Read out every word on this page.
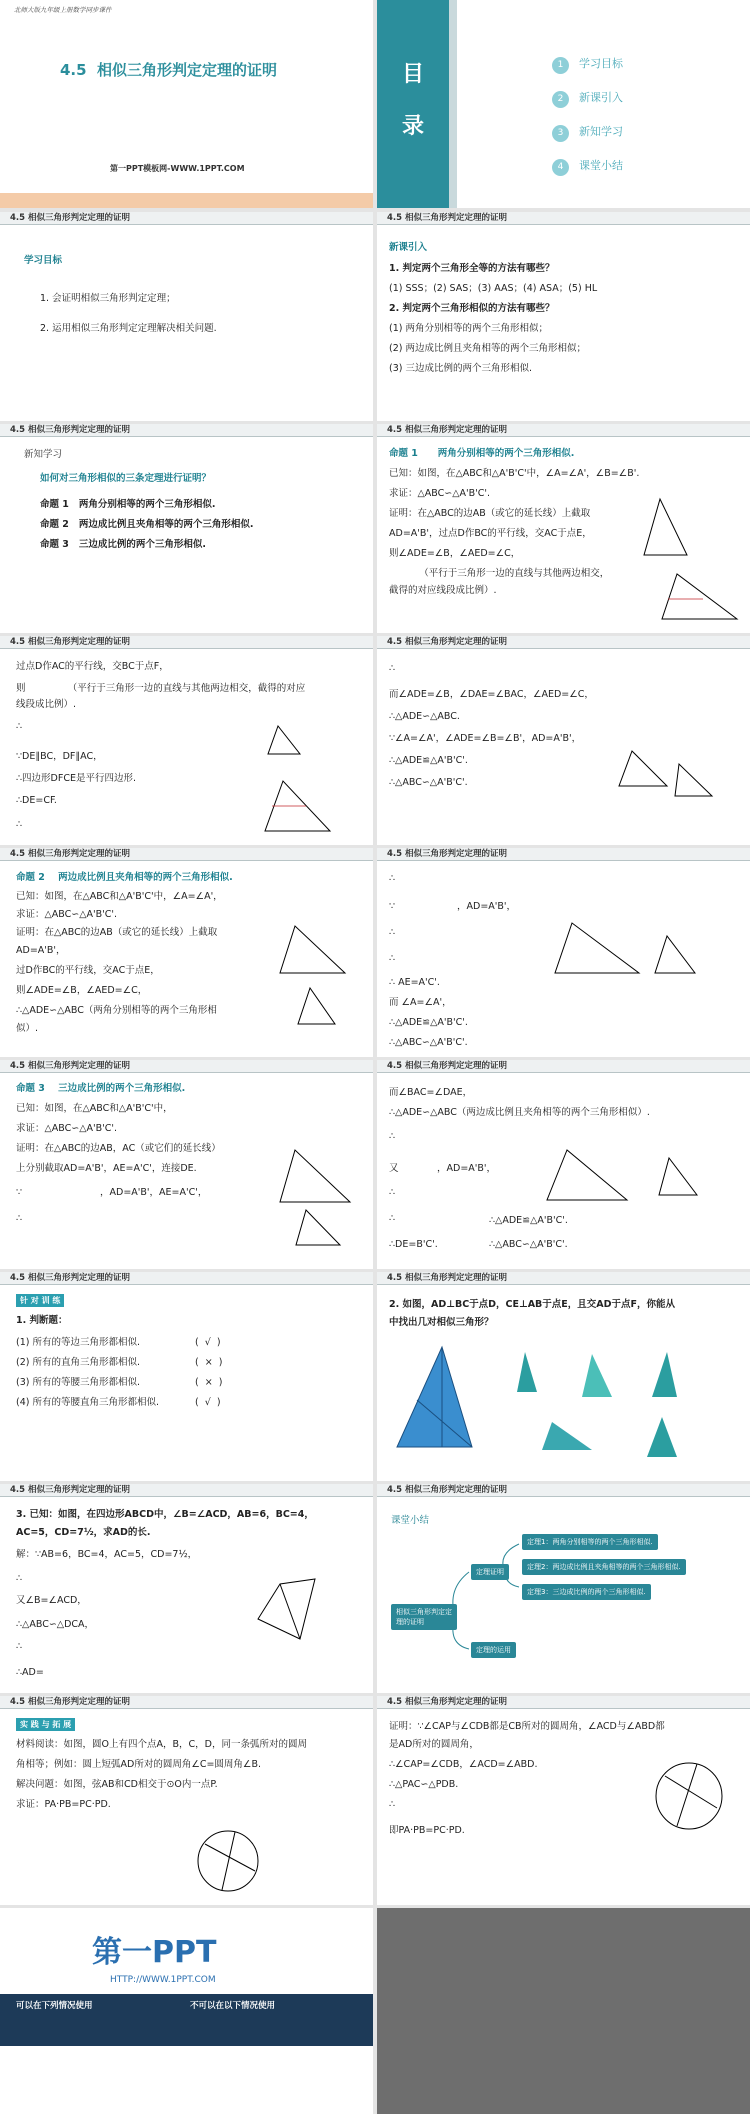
北师大版九年级上册数学同步课件
4.5  相似三角形判定定理的证明
第一PPT模板网-WWW.1PPT.COM
目
录
1 学习目标
2 新课引入
3 新知学习
4 课堂小结
4.5 相似三角形判定定理的证明
学习目标
1. 会证明相似三角形判定定理；
2. 运用相似三角形判定定理解决相关问题.
4.5 相似三角形判定定理的证明
新课引入
1. 判定两个三角形全等的方法有哪些？
(1) SSS；(2) SAS；(3) AAS；(4) ASA；(5) HL
2. 判定两个三角形相似的方法有哪些？
(1) 两角分别相等的两个三角形相似；
(2) 两边成比例且夹角相等的两个三角形相似；
(3) 三边成比例的两个三角形相似.
4.5 相似三角形判定定理的证明
新知学习
如何对三角形相似的三条定理进行证明？
命题 1   两角分别相等的两个三角形相似.
命题 2   两边成比例且夹角相等的两个三角形相似.
命题 3   三边成比例的两个三角形相似.
4.5 相似三角形判定定理的证明
命题 1      两角分别相等的两个三角形相似.
已知：如图，在△ABC和△A'B'C'中，∠A=∠A'，∠B=∠B'.
求证：△ABC∽△A'B'C'.
证明：在△ABC的边AB（或它的延长线）上截取
AD=A'B'，过点D作BC的平行线，交AC于点E，
则∠ADE=∠B，∠AED=∠C，
（平行于三角形一边的直线与其他两边相交，
截得的对应线段成比例）.
4.5 相似三角形判定定理的证明
过点D作AC的平行线，交BC于点F，
则              （平行于三角形一边的直线与其他两边相交，截得的对应
线段成比例）.
∴
∵DE∥BC，DF∥AC，
∴四边形DFCE是平行四边形.
∴DE=CF.
∴
4.5 相似三角形判定定理的证明
∴
而∠ADE=∠B，∠DAE=∠BAC，∠AED=∠C，
∴△ADE∽△ABC.
∵∠A=∠A'，∠ADE=∠B=∠B'，AD=A'B'，
∴△ADE≌△A'B'C'.
∴△ABC∽△A'B'C'.
4.5 相似三角形判定定理的证明
命题 2    两边成比例且夹角相等的两个三角形相似.
已知：如图，在△ABC和△A'B'C'中，∠A=∠A'，
求证：△ABC∽△A'B'C'.
证明：在△ABC的边AB（或它的延长线）上截取
AD=A'B'，
过D作BC的平行线，交AC于点E，
则∠ADE=∠B，∠AED=∠C，
∴△ADE∽△ABC（两角分别相等的两个三角形相
似）.
4.5 相似三角形判定定理的证明
∴
∵	，AD=A'B'，
∴
∴
∴ AE=A'C'.
而 ∠A=∠A'，
∴△ADE≌△A'B'C'.
∴△ABC∽△A'B'C'.
4.5 相似三角形判定定理的证明
命题 3    三边成比例的两个三角形相似.
已知：如图，在△ABC和△A'B'C'中，
求证：△ABC∽△A'B'C'.
证明：在△ABC的边AB，AC（或它们的延长线）
上分别截取AD=A'B'，AE=A'C'，连接DE.
∵	，AD=A'B'，AE=A'C'，
∴
4.5 相似三角形判定定理的证明
而∠BAC=∠DAE，
∴△ADE∽△ABC（两边成比例且夹角相等的两个三角形相似）.
∴
又	，AD=A'B'，
∴
∴
∴DE=B'C'.
∴△ADE≌△A'B'C'.
∴△ABC∽△A'B'C'.
4.5 相似三角形判定定理的证明
针 对 训 练
1. 判断题：
(1) 所有的等边三角形都相似.	(  √  )
(2) 所有的直角三角形都相似.	(  ×  )
(3) 所有的等腰三角形都相似.	(  ×  )
(4) 所有的等腰直角三角形都相似.	(  √  )
4.5 相似三角形判定定理的证明
2. 如图，AD⊥BC于点D，CE⊥AB于点E，且交AD于点F，你能从
中找出几对相似三角形？
4.5 相似三角形判定定理的证明
3. 已知：如图，在四边形ABCD中，∠B=∠ACD，AB=6，BC=4，
AC=5，CD=7½，求AD的长.
解：∵AB=6，BC=4，AC=5，CD=7½，
∴
又∠B=∠ACD，
∴△ABC∽△DCA，
∴
∴AD=
4.5 相似三角形判定定理的证明
课堂小结
相似三角形判定定理的证明
定理证明
定理的运用
定理1：两角分别相等的两个三角形相似.
定理2：两边成比例且夹角相等的两个三角形相似.
定理3：三边成比例的两个三角形相似.
4.5 相似三角形判定定理的证明
实 践 与 拓 展
材料阅读：如图，圆O上有四个点A，B，C，D，同一条弧所对的圆周
角相等；例如：圆上短弧AD所对的圆周角∠C=圆周角∠B.
解决问题：如图，弦AB和CD相交于⊙O内一点P.
求证：PA·PB=PC·PD.
4.5 相似三角形判定定理的证明
证明：∵∠CAP与∠CDB都是CB所对的圆周角，∠ACD与∠ABD都
是AD所对的圆周角，
∴∠CAP=∠CDB，∠ACD=∠ABD.
∴△PAC∽△PDB.
∴
即PA·PB=PC·PD.
第一PPT
HTTP://WWW.1PPT.COM
可以在下列情况使用	不可以在以下情况使用
